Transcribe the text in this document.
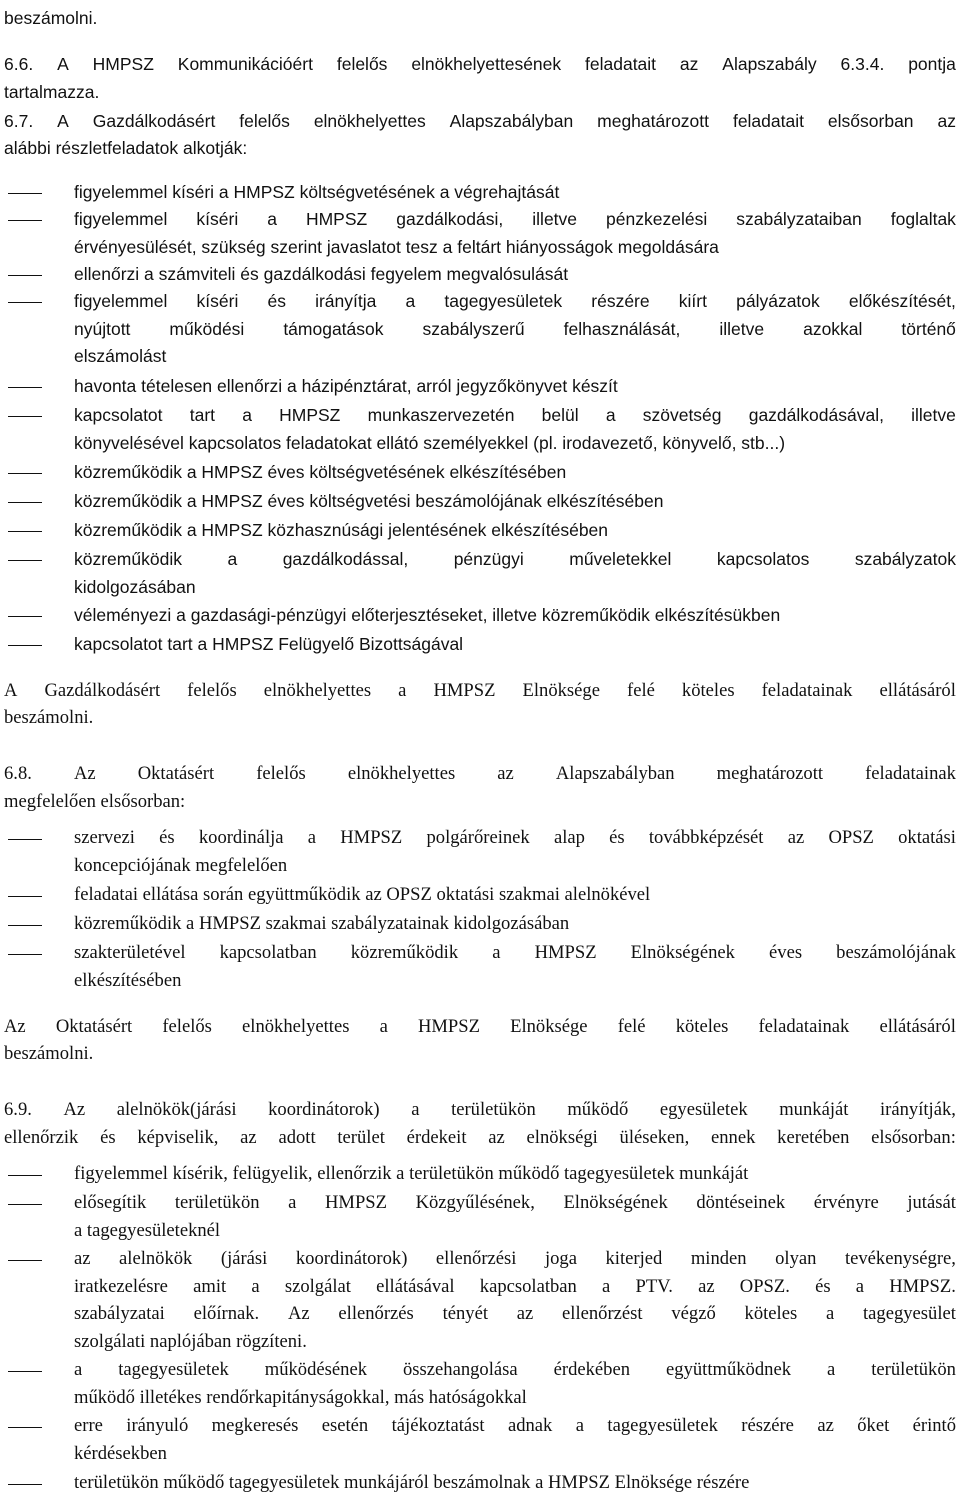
beszámolni.
6.6. A HMPSZ Kommunikációért felelős elnökhelyettesének feladatait az Alapszabály 6.3.4. pontja
tartalmazza.
6.7. A Gazdálkodásért felelős elnökhelyettes Alapszabályban meghatározott feladatait elsősorban az
alábbi részletfeladatok alkotják:
figyelemmel kíséri a HMPSZ költségvetésének a végrehajtását
figyelemmel kíséri a HMPSZ gazdálkodási, illetve pénzkezelési szabályzataiban foglaltak
érvényesülését, szükség szerint javaslatot tesz a feltárt hiányosságok megoldására
ellenőrzi a számviteli és gazdálkodási fegyelem megvalósulását
figyelemmel kíséri és irányítja a tagegyesületek részére kiírt pályázatok előkészítését,
nyújtott működési támogatások szabályszerű felhasználását, illetve azokkal történő
elszámolást
havonta tételesen ellenőrzi a házipénztárat, arról jegyzőkönyvet készít
kapcsolatot tart a HMPSZ munkaszervezetén belül a szövetség gazdálkodásával, illetve
könyvelésével kapcsolatos feladatokat ellátó személyekkel (pl. irodavezető, könyvelő, stb...)
közreműködik a HMPSZ éves költségvetésének elkészítésében
közreműködik a HMPSZ éves költségvetési beszámolójának elkészítésében
közreműködik a HMPSZ közhasznúsági jelentésének elkészítésében
közreműködik	a	gazdálkodással,	pénzügyi	műveletekkel	kapcsolatos	szabályzatok
kidolgozásában
véleményezi a gazdasági-pénzügyi előterjesztéseket, illetve közreműködik elkészítésükben
kapcsolatot tart a HMPSZ Felügyelő Bizottságával
A Gazdálkodásért felelős elnökhelyettes a HMPSZ Elnöksége felé köteles feladatainak ellátásáról
beszámolni.
6.8. Az Oktatásért felelős elnökhelyettes az Alapszabályban meghatározott feladatainak
megfelelően elsősorban:
szervezi és koordinálja a HMPSZ polgárőreinek alap és továbbképzését az OPSZ oktatási
koncepciójának megfelelően
feladatai ellátása során együttműködik az OPSZ oktatási szakmai alelnökével
közreműködik a HMPSZ szakmai szabályzatainak kidolgozásában
szakterületével kapcsolatban közreműködik a HMPSZ Elnökségének éves beszámolójának
elkészítésében
Az Oktatásért felelős elnökhelyettes a HMPSZ Elnöksége felé köteles feladatainak ellátásáról
beszámolni.
6.9. Az alelnökök(járási koordinátorok) a területükön működő egyesületek munkáját irányítják,
ellenőrzik és képviselik, az adott terület érdekeit az elnökségi üléseken, ennek keretében elsősorban:
figyelemmel kísérik, felügyelik, ellenőrzik a területükön működő tagegyesületek munkáját
elősegítik területükön a HMPSZ Közgyűlésének, Elnökségének döntéseinek érvényre jutását
a tagegyesületeknél
az alelnökök (járási koordinátorok) ellenőrzési joga kiterjed minden olyan tevékenységre,
iratkezelésre amit a szolgálat ellátásával kapcsolatban a PTV. az OPSZ. és a HMPSZ.
szabályzatai előírnak. Az ellenőrzés tényét az ellenőrzést végző köteles a tagegyesület
szolgálati naplójában rögzíteni.
a tagegyesületek működésének összehangolása érdekében együttműködnek a területükön
működő illetékes rendőrkapitányságokkal, más hatóságokkal
erre irányuló megkeresés esetén tájékoztatást adnak a tagegyesületek részére az őket érintő
kérdésekben
területükön működő tagegyesületek munkájáról beszámolnak a HMPSZ Elnöksége részére
